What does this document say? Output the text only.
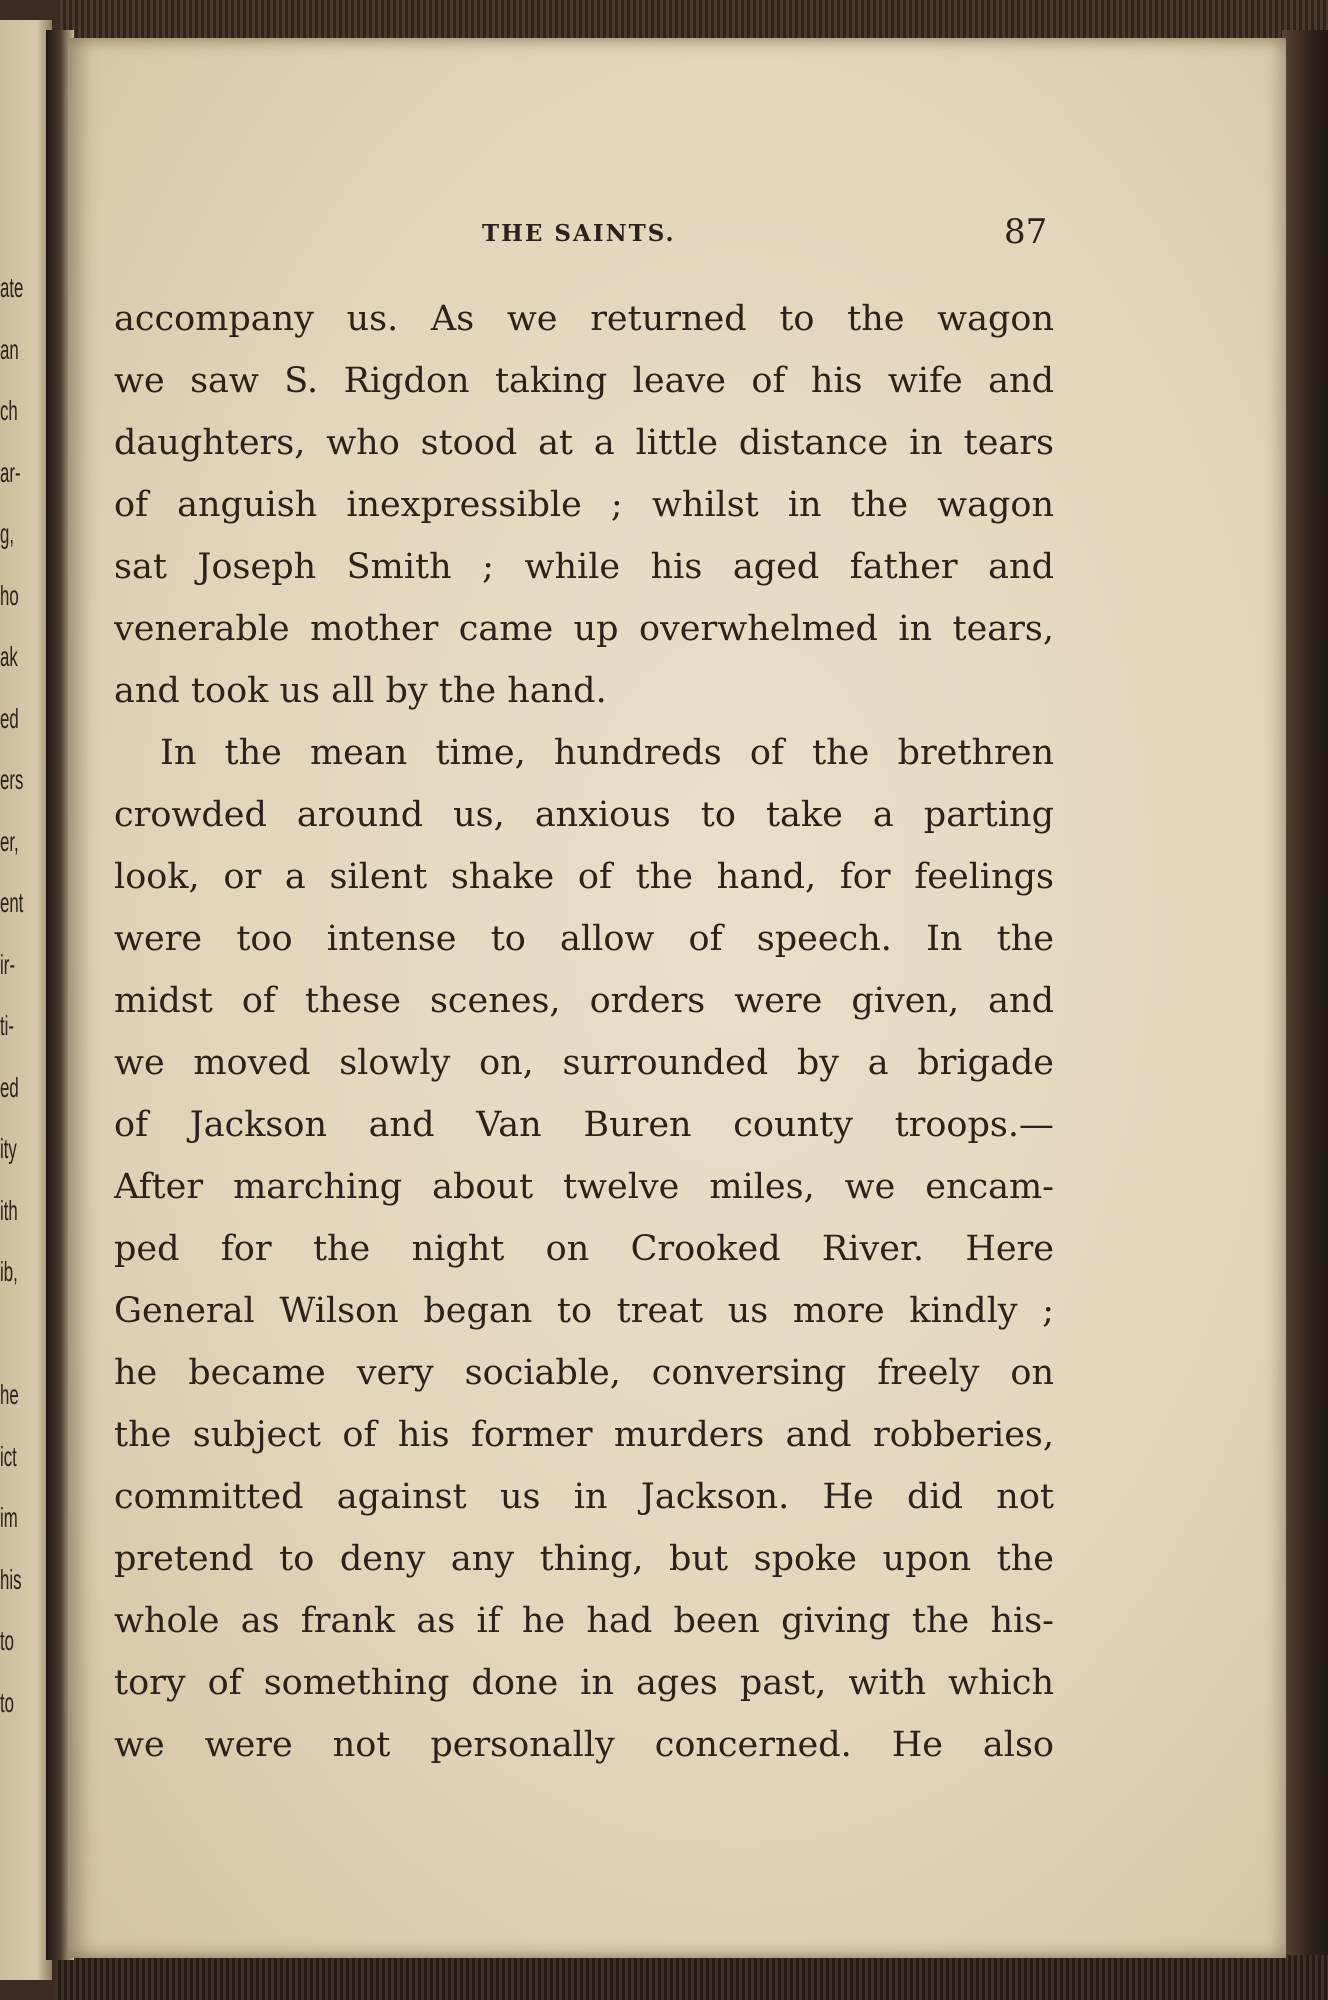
ate
an
ch
ar-
g,
ho
ak
ed
ers
er,
ent
ir-
ti-
ed
ity
ith
ib,
he
ict
im
his
to
to
THE SAINTS.	87
accompany us. As we returned to the wagon
we saw S. Rigdon taking leave of his wife and
daughters, who stood at a little distance in tears
of anguish inexpressible ; whilst in the wagon
sat Joseph Smith ; while his aged father and
venerable mother came up overwhelmed in tears,
and took us all by the hand.
In the mean time, hundreds of the brethren
crowded around us, anxious to take a parting
look, or a silent shake of the hand, for feelings
were too intense to allow of speech. In the
midst of these scenes, orders were given, and
we moved slowly on, surrounded by a brigade
of Jackson and Van Buren county troops.—
After marching about twelve miles, we encam-
ped for the night on Crooked River. Here
General Wilson began to treat us more kindly ;
he became very sociable, conversing freely on
the subject of his former murders and robberies,
committed against us in Jackson. He did not
pretend to deny any thing, but spoke upon the
whole as frank as if he had been giving the his-
tory of something done in ages past, with which
we were not personally concerned. He also
